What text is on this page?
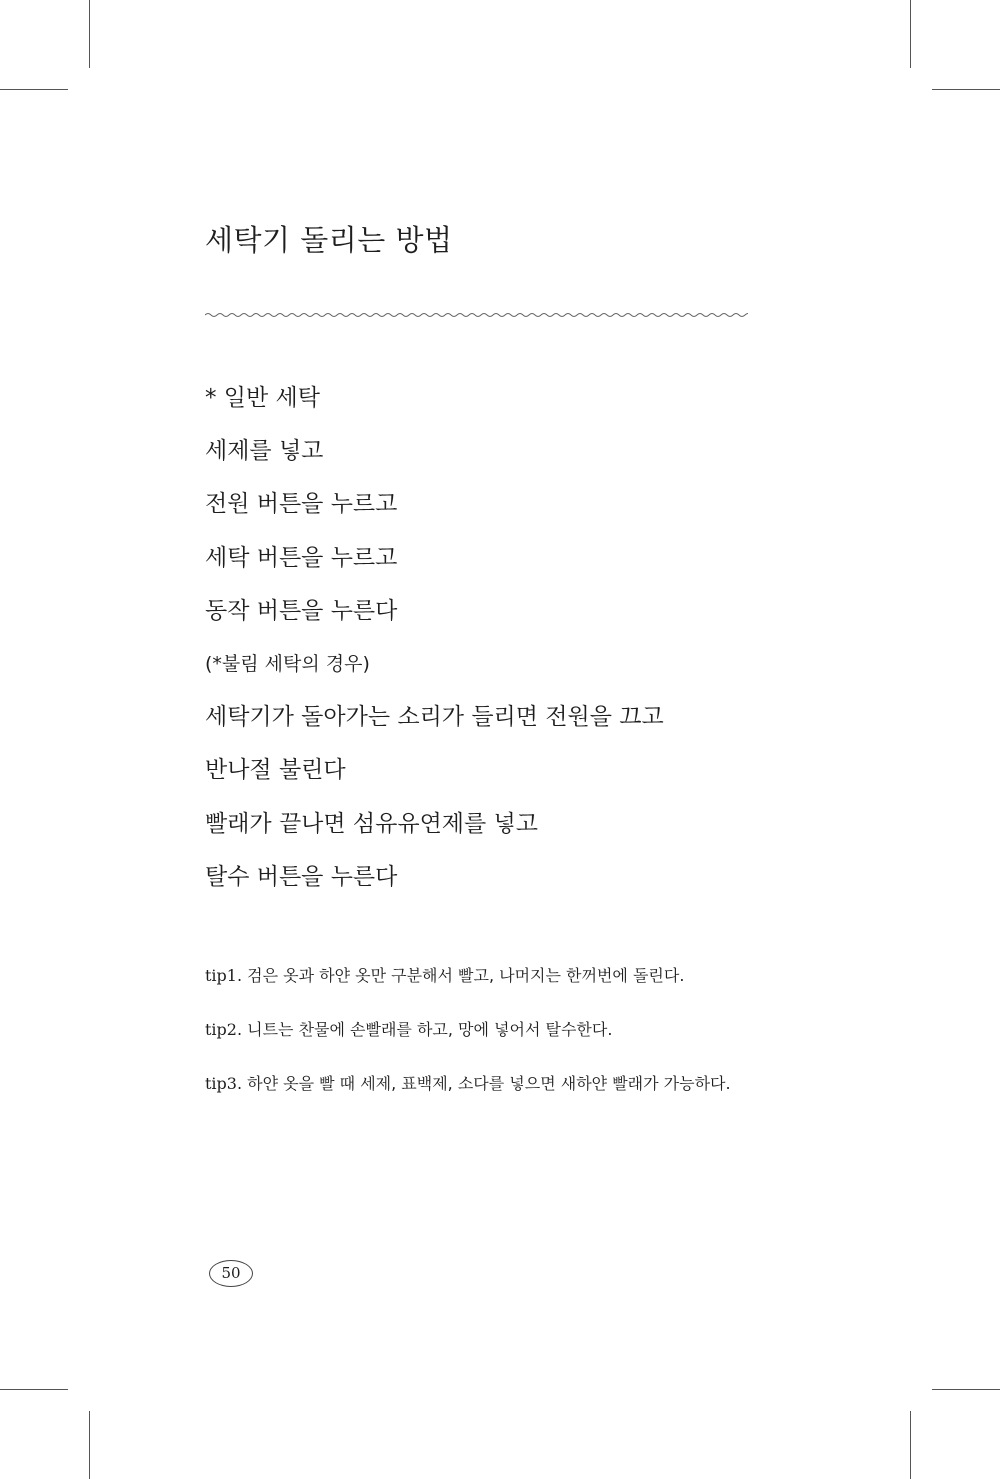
세탁기 돌리는 방법
* 일반 세탁
세제를 넣고
전원 버튼을 누르고
세탁 버튼을 누르고
동작 버튼을 누른다
(*불림 세탁의 경우)
세탁기가 돌아가는 소리가 들리면 전원을 끄고
반나절 불린다
빨래가 끝나면 섬유유연제를 넣고
탈수 버튼을 누른다

tip1. 검은 옷과 하얀 옷만 구분해서 빨고, 나머지는 한꺼번에 돌린다.

tip2. 니트는 찬물에 손빨래를 하고, 망에 넣어서 탈수한다.

tip3. 하얀 옷을 빨 때 세제, 표백제, 소다를 넣으면 새하얀 빨래가 가능하다.

50
